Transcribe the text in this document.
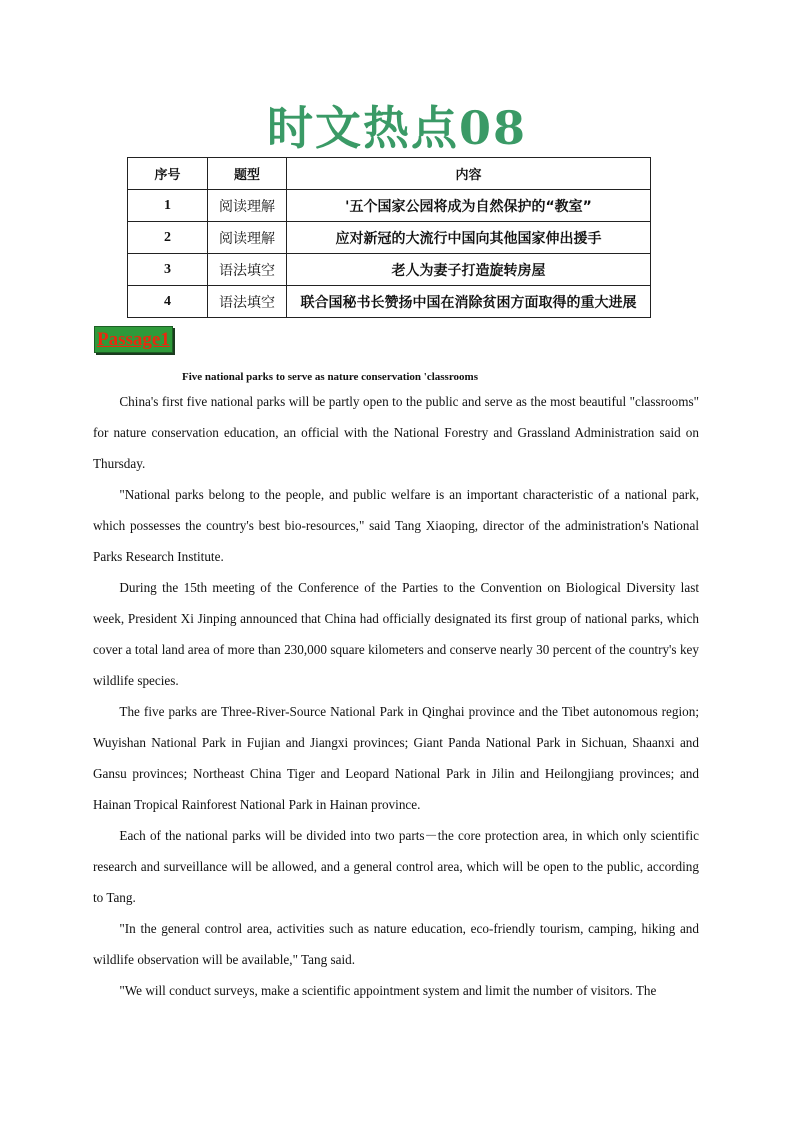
时文热点08
序号	题型	内容
1	阅读理解	'五个国家公园将成为自然保护的“教室”
2	阅读理解	应对新冠的大流行中国向其他国家伸出援手
3	语法填空	老人为妻子打造旋转房屋
4	语法填空	联合国秘书长赞扬中国在消除贫困方面取得的重大进展
Passage1

Five national parks to serve as nature conservation 'classrooms

China's first five national parks will be partly open to the public and serve as the most beautiful "classrooms" for nature conservation education, an official with the National Forestry and Grassland Administration said on Thursday.

"National parks belong to the people, and public welfare is an important characteristic of a national park, which possesses the country's best bio-resources," said Tang Xiaoping, director of the administration's National Parks Research Institute.

During the 15th meeting of the Conference of the Parties to the Convention on Biological Diversity last week, President Xi Jinping announced that China had officially designated its first group of national parks, which cover a total land area of more than 230,000 square kilometers and conserve nearly 30 percent of the country's key wildlife species.

The five parks are Three-River-Source National Park in Qinghai province and the Tibet autonomous region; Wuyishan National Park in Fujian and Jiangxi provinces; Giant Panda National Park in Sichuan, Shaanxi and Gansu provinces; Northeast China Tiger and Leopard National Park in Jilin and Heilongjiang provinces; and Hainan Tropical Rainforest National Park in Hainan province.

Each of the national parks will be divided into two parts－the core protection area, in which only scientific research and surveillance will be allowed, and a general control area, which will be open to the public, according to Tang.

"In the general control area, activities such as nature education, eco-friendly tourism, camping, hiking and wildlife observation will be available," Tang said.

"We will conduct surveys, make a scientific appointment system and limit the number of visitors. The
